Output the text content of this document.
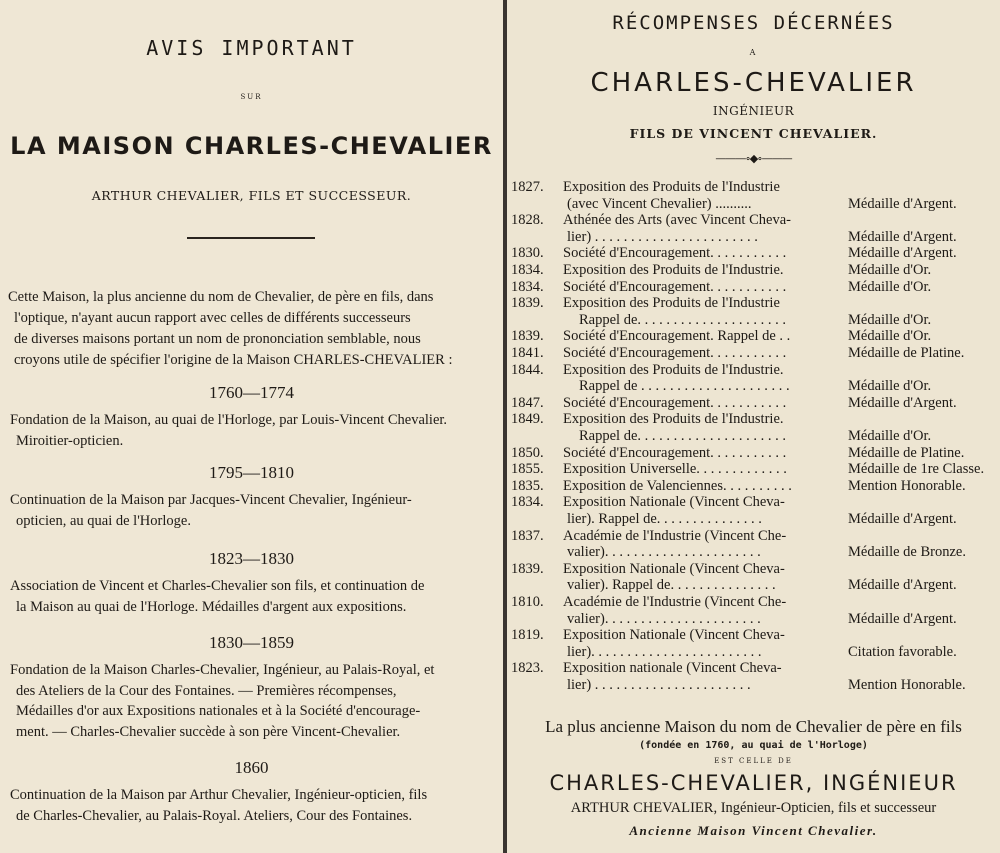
AVIS IMPORTANT
SUR
LA MAISON CHARLES-CHEVALIER
ARTHUR CHEVALIER, FILS ET SUCCESSEUR.
Cette Maison, la plus ancienne du nom de Chevalier, de père en fils, dans
l'optique, n'ayant aucun rapport avec celles de différents successeurs
de diverses maisons portant un nom de prononciation semblable, nous
croyons utile de spécifier l'origine de la Maison CHARLES-CHEVALIER :
1760—1774
Fondation de la Maison, au quai de l'Horloge, par Louis-Vincent Chevalier.
Miroitier-opticien.
1795—1810
Continuation de la Maison par Jacques-Vincent Chevalier, Ingénieur-
opticien, au quai de l'Horloge.
1823—1830
Association de Vincent et Charles-Chevalier son fils, et continuation de
la Maison au quai de l'Horloge. Médailles d'argent aux expositions.
1830—1859
Fondation de la Maison Charles-Chevalier, Ingénieur, au Palais-Royal, et
des Ateliers de la Cour des Fontaines. — Premières récompenses,
Médailles d'or aux Expositions nationales et à la Société d'encourage-
ment. — Charles-Chevalier succède à son père Vincent-Chevalier.
1860
Continuation de la Maison par Arthur Chevalier, Ingénieur-opticien, fils
de Charles-Chevalier, au Palais-Royal. Ateliers, Cour des Fontaines.
RÉCOMPENSES DÉCERNÉES
A
CHARLES-CHEVALIER
INGÉNIEUR
FILS DE VINCENT CHEVALIER.
———∘◆∘———
1827. Exposition des Produits de l'Industrie
(avec Vincent Chevalier) ..........	Médaille d'Argent.
1828. Athénée des Arts (avec Vincent Cheva-
lier) . . . . . . . . . . . . . . . . . . . . . . .	Médaille d'Argent.
1830. Société d'Encouragement. . . . . . . . . . .	Médaille d'Argent.
1834. Exposition des Produits de l'Industrie.	Médaille d'Or.
1834. Société d'Encouragement. . . . . . . . . . .	Médaille d'Or.
1839. Exposition des Produits de l'Industrie
Rappel de. . . . . . . . . . . . . . . . . . . . .	Médaille d'Or.
1839. Société d'Encouragement. Rappel de . .	Médaille d'Or.
1841. Société d'Encouragement. . . . . . . . . . .	Médaille de Platine.
1844. Exposition des Produits de l'Industrie.
Rappel de . . . . . . . . . . . . . . . . . . . . .	Médaille d'Or.
1847. Société d'Encouragement. . . . . . . . . . .	Médaille d'Argent.
1849. Exposition des Produits de l'Industrie.
Rappel de. . . . . . . . . . . . . . . . . . . . .	Médaille d'Or.
1850. Société d'Encouragement. . . . . . . . . . .	Médaille de Platine.
1855. Exposition Universelle. . . . . . . . . . . . .	Médaille de 1re Classe.
1835. Exposition de Valenciennes. . . . . . . . . .	Mention Honorable.
1834. Exposition Nationale (Vincent Cheva-
lier). Rappel de. . . . . . . . . . . . . . .	Médaille d'Argent.
1837. Académie de l'Industrie (Vincent Che-
valier). . . . . . . . . . . . . . . . . . . . . .	Médaille de Bronze.
1839. Exposition Nationale (Vincent Cheva-
valier). Rappel de. . . . . . . . . . . . . . .	Médaille d'Argent.
1810. Académie de l'Industrie (Vincent Che-
valier). . . . . . . . . . . . . . . . . . . . . .	Médaille d'Argent.
1819. Exposition Nationale (Vincent Cheva-
lier). . . . . . . . . . . . . . . . . . . . . . . .	Citation favorable.
1823. Exposition nationale (Vincent Cheva-
lier) . . . . . . . . . . . . . . . . . . . . . .	Mention Honorable.
La plus ancienne Maison du nom de Chevalier de père en fils
(fondée en 1760, au quai de l'Horloge)
EST CELLE DE
CHARLES-CHEVALIER, INGÉNIEUR
ARTHUR CHEVALIER, Ingénieur-Opticien, fils et successeur
Ancienne Maison Vincent Chevalier.
